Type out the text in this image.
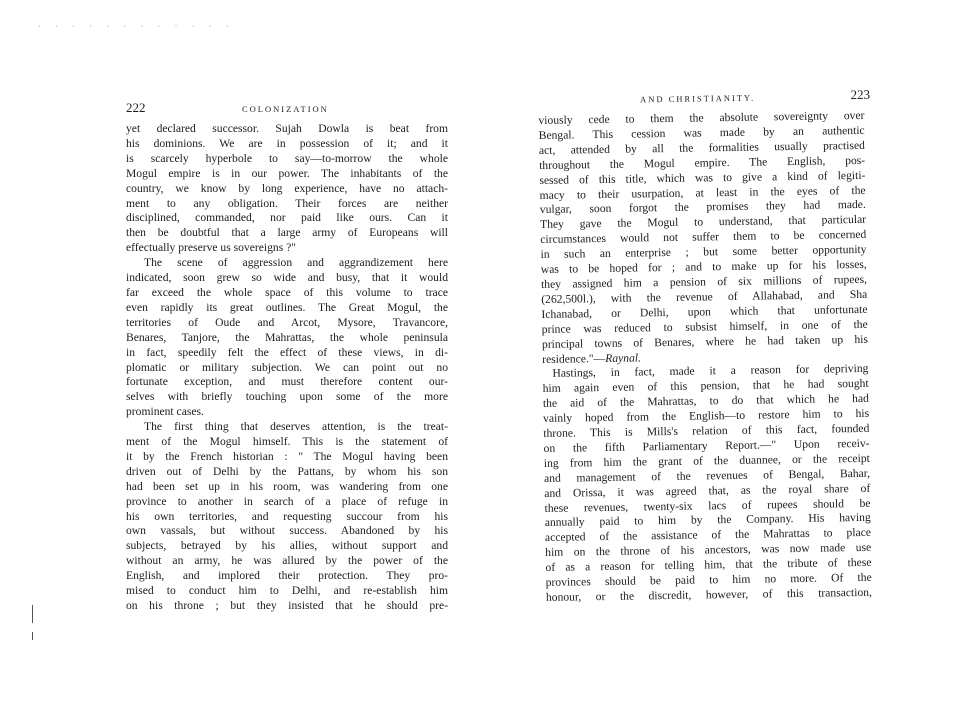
· · · · · · · · · · · ·
222	COLONIZATION
yet declared successor. Sujah Dowla is beat from
his dominions. We are in possession of it; and it
is scarcely hyperbole to say—to-morrow the whole
Mogul empire is in our power. The inhabitants of the
country, we know by long experience, have no attach-
ment to any obligation. Their forces are neither
disciplined, commanded, nor paid like ours. Can it
then be doubtful that a large army of Europeans will
effectually preserve us sovereigns ?"
The scene of aggression and aggrandizement here
indicated, soon grew so wide and busy, that it would
far exceed the whole space of this volume to trace
even rapidly its great outlines. The Great Mogul, the
territories of Oude and Arcot, Mysore, Travancore,
Benares, Tanjore, the Mahrattas, the whole peninsula
in fact, speedily felt the effect of these views, in di-
plomatic or military subjection. We can point out no
fortunate exception, and must therefore content our-
selves with briefly touching upon some of the more
prominent cases.
The first thing that deserves attention, is the treat-
ment of the Mogul himself. This is the statement of
it by the French historian : " The Mogul having been
driven out of Delhi by the Pattans, by whom his son
had been set up in his room, was wandering from one
province to another in search of a place of refuge in
his own territories, and requesting succour from his
own vassals, but without success. Abandoned by his
subjects, betrayed by his allies, without support and
without an army, he was allured by the power of the
English, and implored their protection. They pro-
mised to conduct him to Delhi, and re-establish him
on his throne ; but they insisted that he should pre-
AND CHRISTIANITY.	223
viously cede to them the absolute sovereignty over
Bengal. This cession was made by an authentic
act, attended by all the formalities usually practised
throughout the Mogul empire. The English, pos-
sessed of this title, which was to give a kind of legiti-
macy to their usurpation, at least in the eyes of the
vulgar, soon forgot the promises they had made.
They gave the Mogul to understand, that particular
circumstances would not suffer them to be concerned
in such an enterprise ; but some better opportunity
was to be hoped for ; and to make up for his losses,
they assigned him a pension of six millions of rupees,
(262,500l.), with the revenue of Allahabad, and Sha
Ichanabad, or Delhi, upon which that unfortunate
prince was reduced to subsist himself, in one of the
principal towns of Benares, where he had taken up his
residence."—Raynal.
Hastings, in fact, made it a reason for depriving
him again even of this pension, that he had sought
the aid of the Mahrattas, to do that which he had
vainly hoped from the English—to restore him to his
throne. This is Mills's relation of this fact, founded
on the fifth Parliamentary Report.—" Upon receiv-
ing from him the grant of the duannee, or the receipt
and management of the revenues of Bengal, Bahar,
and Orissa, it was agreed that, as the royal share of
these revenues, twenty-six lacs of rupees should be
annually paid to him by the Company. His having
accepted of the assistance of the Mahrattas to place
him on the throne of his ancestors, was now made use
of as a reason for telling him, that the tribute of these
provinces should be paid to him no more. Of the
honour, or the discredit, however, of this transaction,
